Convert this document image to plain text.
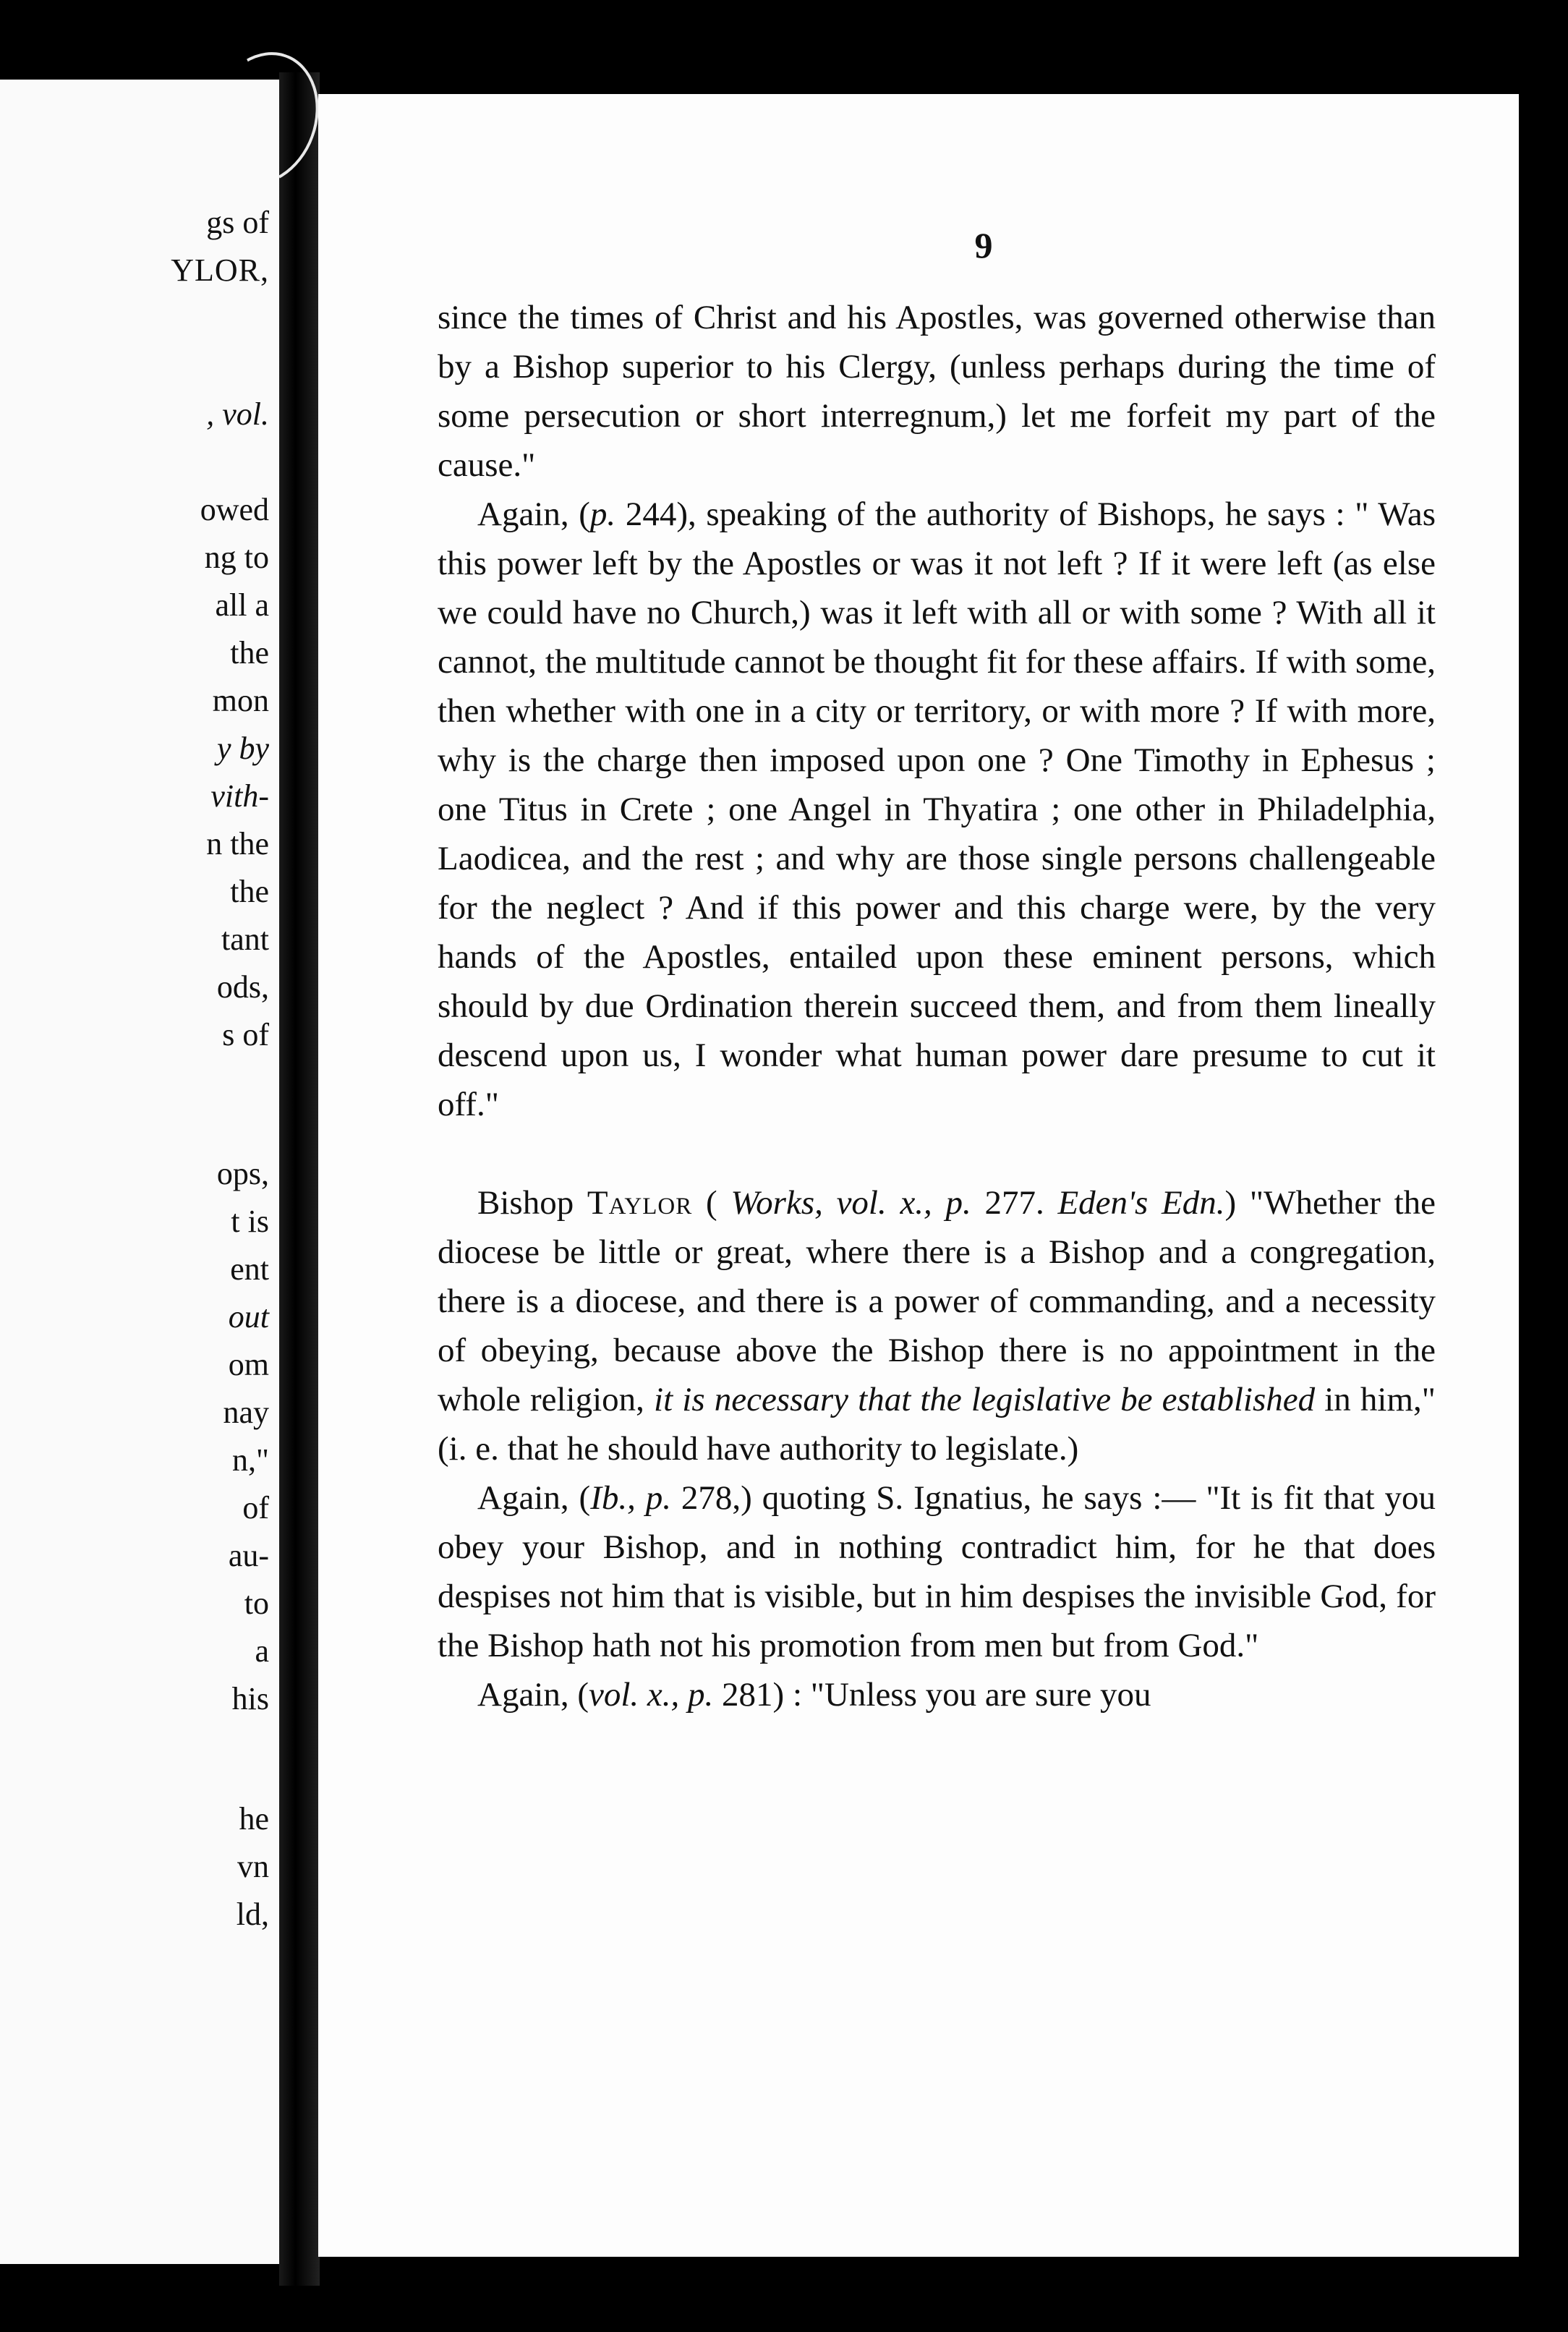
gs of
YLOR,
, vol.
owed
ng to
all a
the
mon
y by
vith-
n the
the
tant
ods,
s of
ops,
t is
ent
out
om
nay
n,"
of
au-
to
a
his
he
vn
ld,
9

since the times of Christ and his Apostles, was governed otherwise than by a Bishop superior to his Clergy, (unless perhaps during the time of some persecution or short interregnum,) let me forfeit my part of the cause."

Again, (p. 244), speaking of the authority of Bishops, he says : " Was this power left by the Apostles or was it not left ? If it were left (as else we could have no Church,) was it left with all or with some ? With all it cannot, the multitude cannot be thought fit for these affairs. If with some, then whether with one in a city or territory, or with more ? If with more, why is the charge then imposed upon one ? One Timothy in Ephesus ; one Titus in Crete ; one Angel in Thyatira ; one other in Philadelphia, Laodicea, and the rest ; and why are those single persons challengeable for the neglect ? And if this power and this charge were, by the very hands of the Apostles, entailed upon these eminent persons, which should by due Ordination therein succeed them, and from them lineally descend upon us, I wonder what human power dare presume to cut it off."

Bishop Taylor ( Works, vol. x., p. 277. Eden's Edn.) "Whether the diocese be little or great, where there is a Bishop and a congregation, there is a diocese, and there is a power of commanding, and a necessity of obeying, because above the Bishop there is no appointment in the whole religion, it is necessary that the legislative be established in him," (i. e. that he should have authority to legislate.)

Again, (Ib., p. 278,) quoting S. Ignatius, he says :— "It is fit that you obey your Bishop, and in nothing contradict him, for he that does despises not him that is visible, but in him despises the invisible God, for the Bishop hath not his promotion from men but from God."

Again, (vol. x., p. 281) : "Unless you are sure you
